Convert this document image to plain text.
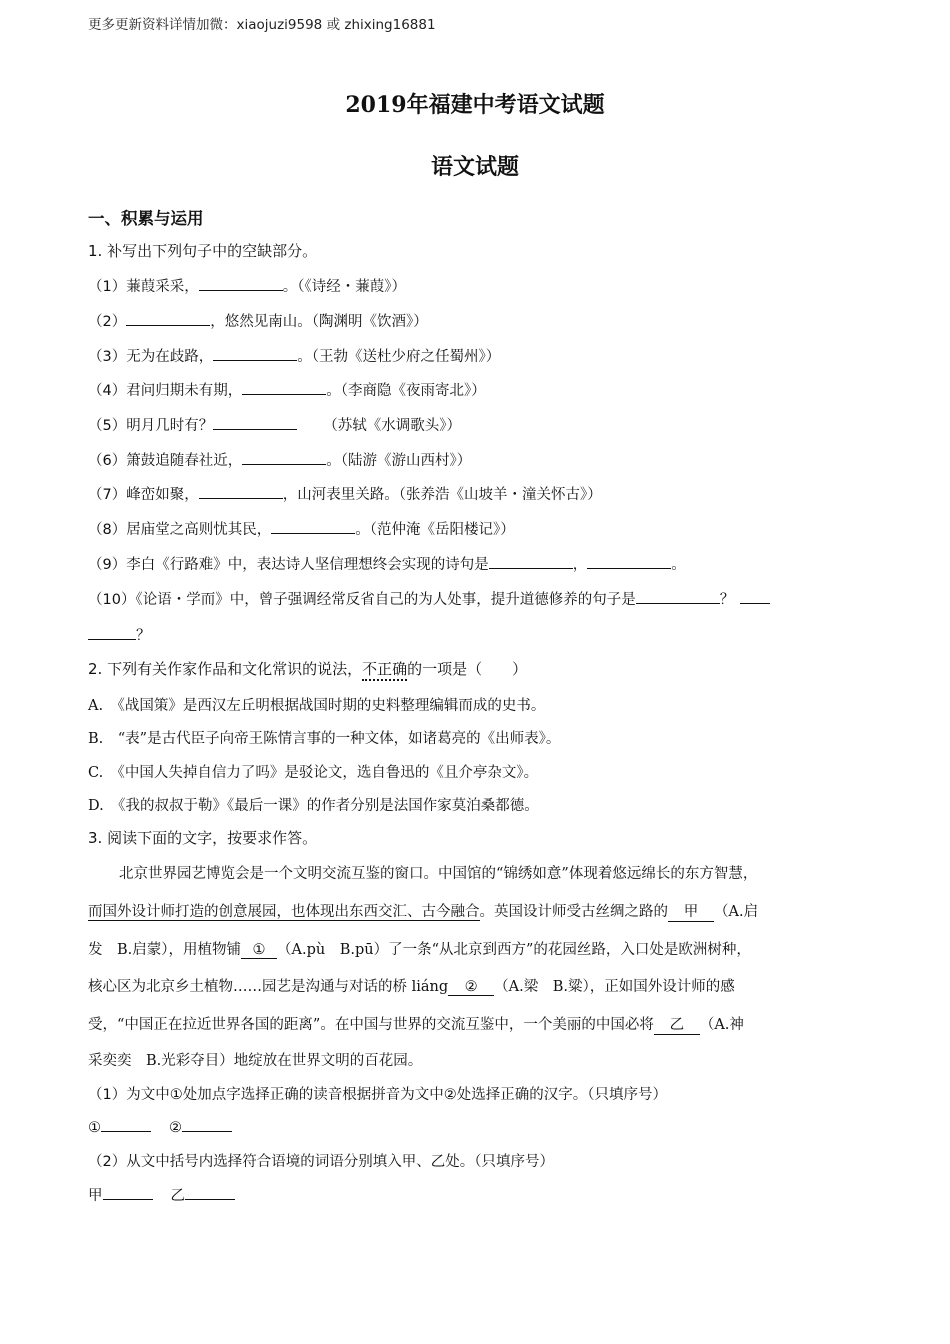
更多更新资料详情加微：xiaojuzi9598 或 zhixing16881
2019年福建中考语文试题
语文试题
一、积累与运用
1. 补写出下列句子中的空缺部分。
（1）蒹葭采采，	。（《诗经・蒹葭》）
（2）	，悠然见南山。（陶渊明《饮酒》）
（3）无为在歧路，	。（王勃《送杜少府之任蜀州》）
（4）君问归期未有期，	。（李商隐《夜雨寄北》）
（5）明月几时有？	（苏轼《水调歌头》）
（6）箫鼓追随春社近，	。（陆游《游山西村》）
（7）峰峦如聚，	，山河表里关路。（张养浩《山坡羊・潼关怀古》）
（8）居庙堂之高则忧其民，	。（范仲淹《岳阳楼记》）
（9）李白《行路难》中，表达诗人坚信理想终会实现的诗句是	，	。
（10）《论语・学而》中，曾子强调经常反省自己的为人处事，提升道德修养的句子是	？
？
2. 下列有关作家作品和文化常识的说法，不正确的一项是（　　）
A.　《战国策》是西汉左丘明根据战国时期的史料整理编辑而成的史书。
B.　“表”是古代臣子向帝王陈情言事的一种文体，如诸葛亮的《出师表》。
C.　《中国人失掉自信力了吗》是驳论文，选自鲁迅的《且介亭杂文》。
D.　《我的叔叔于勒》《最后一课》的作者分别是法国作家莫泊桑都德。
3. 阅读下面的文字，按要求作答。
北京世界园艺博览会是一个文明交流互鉴的窗口。中国馆的“锦绣如意”体现着悠远绵长的东方智慧，
而国外设计师打造的创意展园，也体现出东西交汇、古今融合。英国设计师受古丝绸之路的 甲 （A.启
发　B.启蒙），用植物铺 ① （A.pù　B.pū）了一条“从北京到西方”的花园丝路，入口处是欧洲树种，
核心区为北京乡土植物……园艺是沟通与对话的桥 liáng ② （A.梁　B.粱），正如国外设计师的感
受，“中国正在拉近世界各国的距离”。在中国与世界的交流互鉴中，一个美丽的中国必将 乙 （A.神
采奕奕　B.光彩夺目）地绽放在世界文明的百花园。
（1）为文中①处加点字选择正确的读音根据拼音为文中②处选择正确的汉字。（只填序号）
①	②
（2）从文中括号内选择符合语境的词语分别填入甲、乙处。（只填序号）
甲	乙
